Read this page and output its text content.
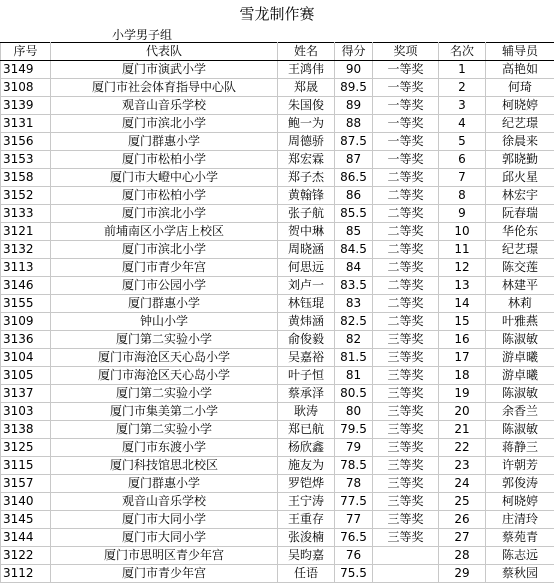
雪龙制作赛
小学男子组
序号	代表队	姓名	得分	奖项	名次	辅导员
3149	厦门市演武小学	王鸿伟	90	一等奖	1	高艳如
3108	厦门市社会体育指导中心队	郑晟	89.5	一等奖	2	何琦
3139	观音山音乐学校	朱国俊	89	一等奖	3	柯晓婷
3131	厦门市滨北小学	鲍一为	88	一等奖	4	纪艺璟
3156	厦门群惠小学	周德骄	87.5	一等奖	5	徐晨来
3153	厦门市松柏小学	郑宏霖	87	一等奖	6	郭晓勤
3158	厦门市大嶝中心小学	郑子杰	86.5	二等奖	7	邱火星
3152	厦门市松柏小学	黄翰锋	86	二等奖	8	林宏宇
3133	厦门市滨北小学	张子航	85.5	二等奖	9	阮春瑞
3121	前埔南区小学店上校区	贺中琳	85	二等奖	10	华伦东
3132	厦门市滨北小学	周晓涵	84.5	二等奖	11	纪艺璟
3113	厦门市青少年宫	何思远	84	二等奖	12	陈交莲
3146	厦门市公园小学	刘卢一	83.5	二等奖	13	林建平
3155	厦门群惠小学	林钰琨	83	二等奖	14	林莉
3109	钟山小学	黄炜涵	82.5	二等奖	15	叶雅燕
3136	厦门第二实验小学	俞俊毅	82	三等奖	16	陈淑敏
3104	厦门市海沧区天心岛小学	吴嘉裕	81.5	三等奖	17	游卓曦
3105	厦门市海沧区天心岛小学	叶子恒	81	三等奖	18	游卓曦
3137	厦门第二实验小学	蔡承泽	80.5	三等奖	19	陈淑敏
3103	厦门市集美第二小学	耿涛	80	三等奖	20	余香兰
3138	厦门第二实验小学	郑已航	79.5	三等奖	21	陈淑敏
3125	厦门市东渡小学	杨欣鑫	79	三等奖	22	蒋静三
3115	厦门科技馆思北校区	施友为	78.5	三等奖	23	许朝芳
3157	厦门群惠小学	罗铠烨	78	三等奖	24	郭俊涛
3140	观音山音乐学校	王宁涛	77.5	三等奖	25	柯晓婷
3145	厦门市大同小学	王重存	77	三等奖	26	庄清玲
3144	厦门市大同小学	张浚楠	76.5	三等奖	27	蔡苑青
3122	厦门市思明区青少年宫	吴昀嘉	76		28	陈志远
3112	厦门市青少年宫	任语	75.5		29	蔡秋园
